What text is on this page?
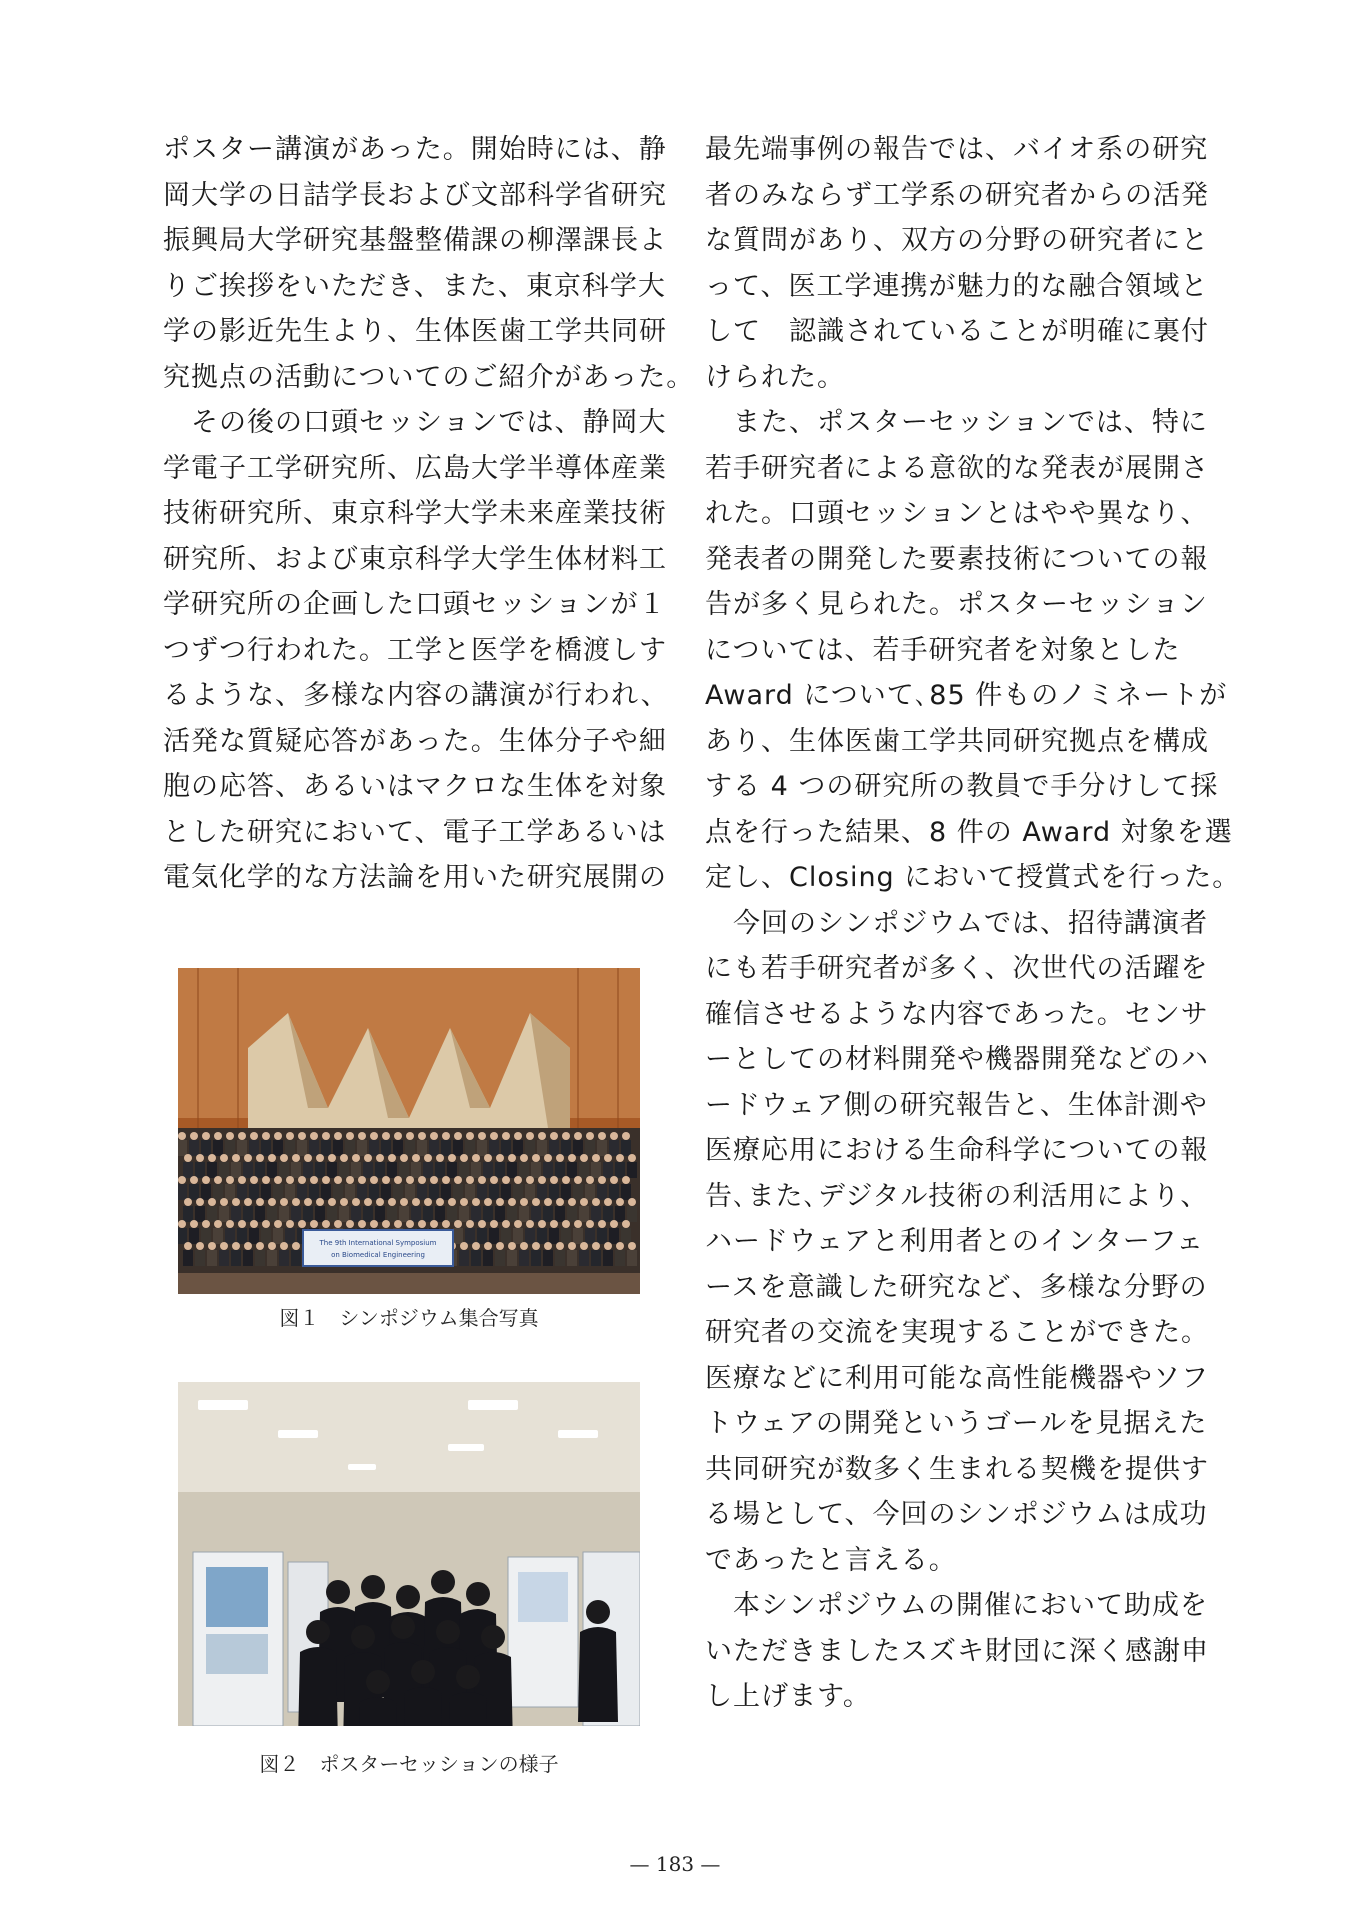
ポスター講演があった。開始時には、静

岡大学の日詰学長および文部科学省研究

振興局大学研究基盤整備課の柳澤課長よ

りご挨拶をいただき、また、東京科学大

学の影近先生より、生体医歯工学共同研

究拠点の活動についてのご紹介があった。

　その後の口頭セッションでは、静岡大

学電子工学研究所、広島大学半導体産業

技術研究所、東京科学大学未来産業技術

研究所、および東京科学大学生体材料工

学研究所の企画した口頭セッションが１

つずつ行われた。工学と医学を橋渡しす

るような、多様な内容の講演が行われ、

活発な質疑応答があった。生体分子や細

胞の応答、あるいはマクロな生体を対象

とした研究において、電子工学あるいは

電気化学的な方法論を用いた研究展開の

最先端事例の報告では、バイオ系の研究

者のみならず工学系の研究者からの活発

な質問があり、双方の分野の研究者にと

って、医工学連携が魅力的な融合領域と

して　認識されていることが明確に裏付

けられた。

　また、ポスターセッションでは、特に

若手研究者による意欲的な発表が展開さ

れた。口頭セッションとはやや異なり、

発表者の開発した要素技術についての報

告が多く見られた。ポスターセッション

については、若手研究者を対象とした

Award について､85 件ものノミネートが

あり、生体医歯工学共同研究拠点を構成

する 4 つの研究所の教員で手分けして採

点を行った結果、8 件の Award 対象を選

定し、Closing において授賞式を行った。

　今回のシンポジウムでは、招待講演者

にも若手研究者が多く、次世代の活躍を

確信させるような内容であった。センサ

ーとしての材料開発や機器開発などのハ

ードウェア側の研究報告と、生体計測や

医療応用における生命科学についての報

告､また､デジタル技術の利活用により、

ハードウェアと利用者とのインターフェ

ースを意識した研究など、多様な分野の

研究者の交流を実現することができた。

医療などに利用可能な高性能機器やソフ

トウェアの開発というゴールを見据えた

共同研究が数多く生まれる契機を提供す

る場として、今回のシンポジウムは成功

であったと言える。

　本シンポジウムの開催において助成を

いただきましたスズキ財団に深く感謝申

し上げます。

The 9th International Symposium
on Biomedical Engineering
図１　シンポジウム集合写真
図２　ポスターセッションの様子
— 183 —
